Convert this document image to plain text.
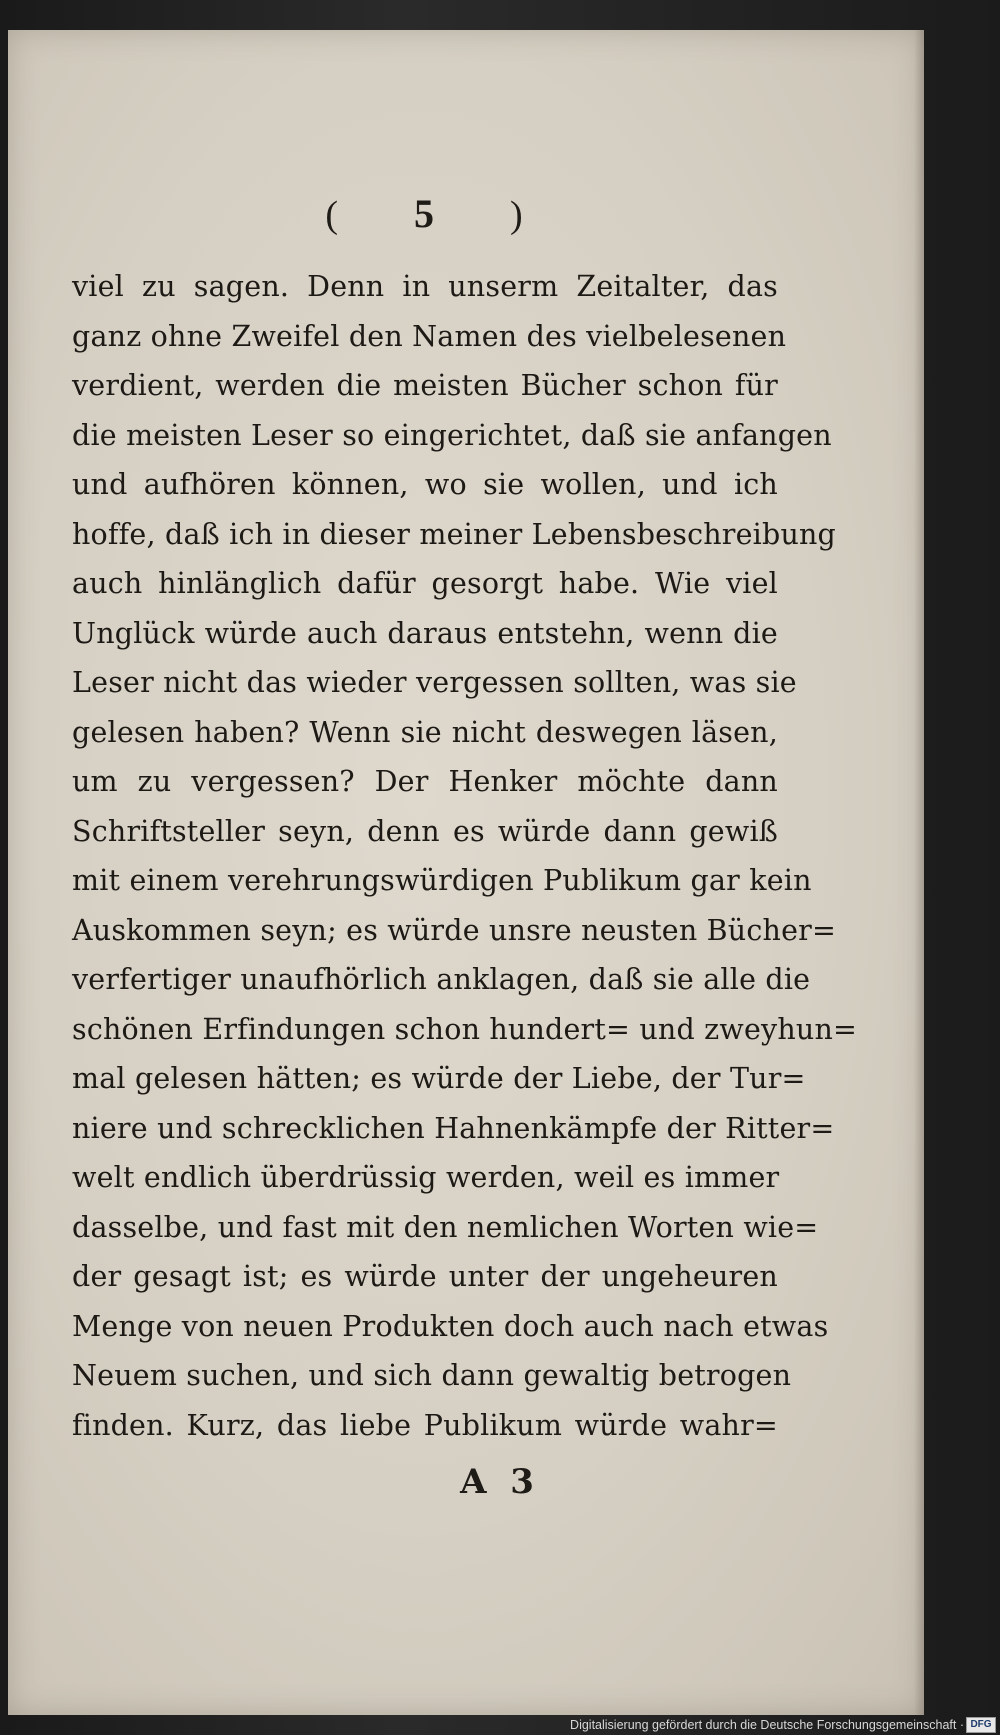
( 5 )
viel zu sagen. Denn in unserm Zeitalter, das
ganz ohne Zweifel den Namen des vielbelesenen
verdient, werden die meisten Bücher schon für
die meisten Leser so eingerichtet, daß sie anfangen
und aufhören können, wo sie wollen, und ich
hoffe, daß ich in dieser meiner Lebensbeschreibung
auch hinlänglich dafür gesorgt habe. Wie viel
Unglück würde auch daraus entstehn, wenn die
Leser nicht das wieder vergessen sollten, was sie
gelesen haben? Wenn sie nicht deswegen läsen,
um zu vergessen? Der Henker möchte dann
Schriftsteller seyn, denn es würde dann gewiß
mit einem verehrungswürdigen Publikum gar kein
Auskommen seyn; es würde unsre neusten Bücher=
verfertiger unaufhörlich anklagen, daß sie alle die
schönen Erfindungen schon hundert= und zweyhun=
mal gelesen hätten; es würde der Liebe, der Tur=
niere und schrecklichen Hahnenkämpfe der Ritter=
welt endlich überdrüssig werden, weil es immer
dasselbe, und fast mit den nemlichen Worten wie=
der gesagt ist; es würde unter der ungeheuren
Menge von neuen Produkten doch auch nach etwas
Neuem suchen, und sich dann gewaltig betrogen
finden. Kurz, das liebe Publikum würde wahr=
A 3
Digitalisierung gefördert durch die Deutsche Forschungsgemeinschaft · DFG
